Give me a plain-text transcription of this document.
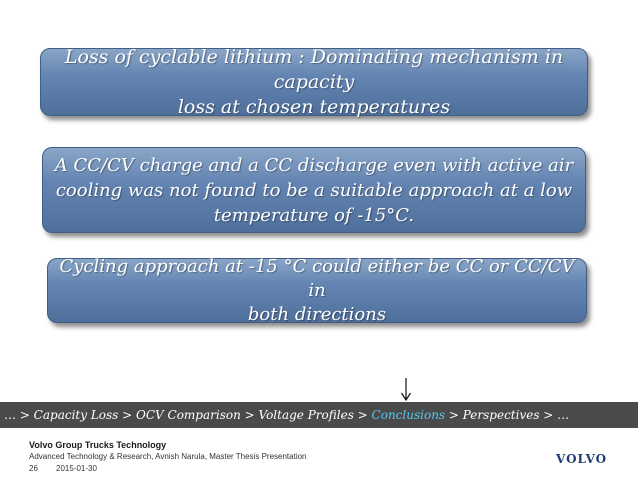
Loss of cyclable lithium : Dominating mechanism in capacity
loss at chosen temperatures
A CC/CV charge and a CC discharge even with active air
cooling was not found to be a suitable approach at a low
temperature of -15°C.
Cycling approach at -15 °C could either be CC or CC/CV in
both directions
… > Capacity Loss > OCV Comparison > Voltage Profiles > Conclusions > Perspectives > …
Volvo Group Trucks Technology
Advanced Technology & Research, Avnish Narula, Master Thesis Presentation
26 2015-01-30
VOLVO
